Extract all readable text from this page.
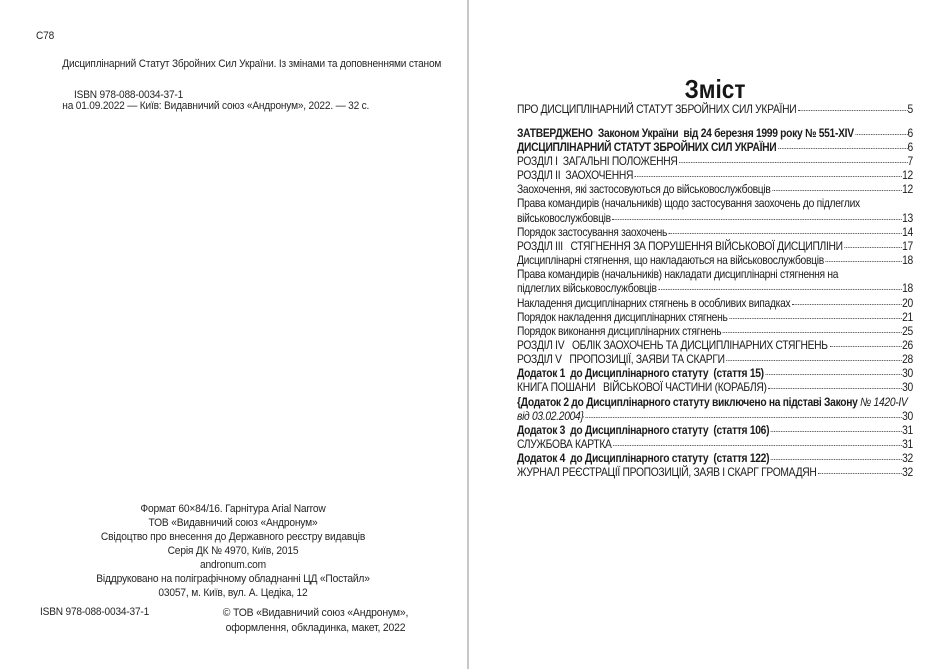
С78

Дисциплінарний Статут Збройних Сил України. Із змінами та доповненнями станом

на 01.09.2022 — Київ: Видавничий союз «Андронум», 2022. — 32 с.

ISBN 978-088-0034-37-1
Формат 60×84/16. Гарнітура Arial Narrow
ТОВ «Видавничий союз «Андронум»
Свідоцтво про внесення до Державного реєстру видавців
Серія ДК № 4970, Київ, 2015
andronum.com
Віддруковано на поліграфічному обладнанні ЦД «Постайл»
03057, м. Київ, вул. А. Цедіка, 12
ISBN 978-088-0034-37-1	© ТОВ «Видавничий союз «Андронум»,
оформлення, обкладинка, макет, 2022
Зміст
ПРО ДИСЦИПЛІНАРНИЙ СТАТУТ ЗБРОЙНИХ СИЛ УКРАЇНИ	5
ЗАТВЕРДЖЕНО  Законом України  від 24 березня 1999 року № 551-XIV	6
ДИСЦИПЛІНАРНИЙ СТАТУТ ЗБРОЙНИХ СИЛ УКРАЇНИ	6
РОЗДІЛ I  ЗАГАЛЬНІ ПОЛОЖЕННЯ	7
РОЗДІЛ II  ЗАОХОЧЕННЯ	12
Заохочення, які застосовуються до військовослужбовців	12
Права командирів (начальників) щодо застосування заохочень до підлеглих
військовослужбовців	13
Порядок застосування заохочень	14
РОЗДІЛ III   СТЯГНЕННЯ ЗА ПОРУШЕННЯ ВІЙСЬКОВОЇ ДИСЦИПЛІНИ	17
Дисциплінарні стягнення, що накладаються на військовослужбовців	18
Права командирів (начальників) накладати дисциплінарні стягнення на
підлеглих військовослужбовців	18
Накладення дисциплінарних стягнень в особливих випадках	20
Порядок накладення дисциплінарних стягнень	21
Порядок виконання дисциплінарних стягнень	25
РОЗДІЛ IV   ОБЛІК ЗАОХОЧЕНЬ ТА ДИСЦИПЛІНАРНИХ СТЯГНЕНЬ	26
РОЗДІЛ V   ПРОПОЗИЦІЇ, ЗАЯВИ ТА СКАРГИ	28
Додаток 1  до Дисциплінарного статуту  (стаття 15)	30
КНИГА ПОШАНИ   ВІЙСЬКОВОЇ ЧАСТИНИ (КОРАБЛЯ)	30
{Додаток 2 до Дисциплінарного статуту виключено на підставі Закону № 1420-IV
від 03.02.2004}	30
Додаток 3  до Дисциплінарного статуту  (стаття 106)	31
СЛУЖБОВА КАРТКА	31
Додаток 4  до Дисциплінарного статуту  (стаття 122)	32
ЖУРНАЛ РЕЄСТРАЦІЇ ПРОПОЗИЦІЙ, ЗАЯВ І СКАРГ ГРОМАДЯН	32
